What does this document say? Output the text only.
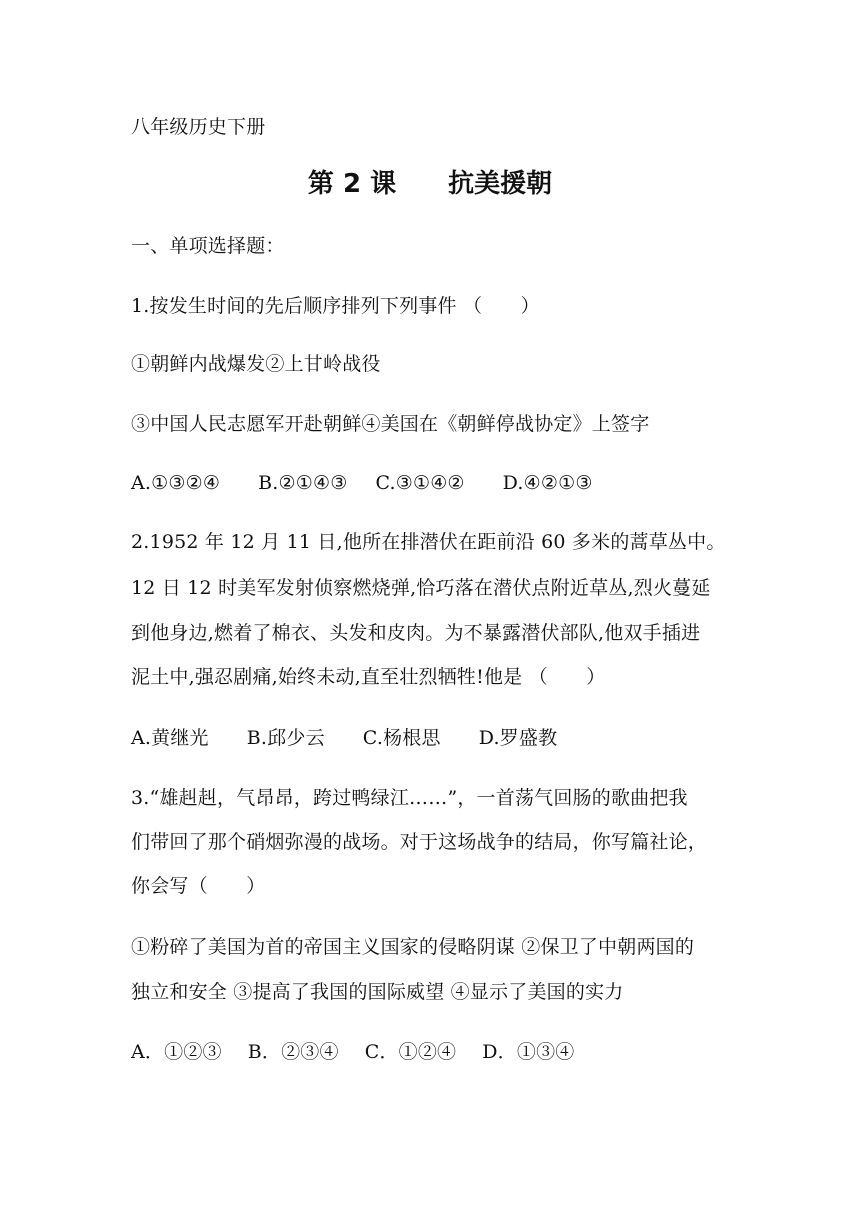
八年级历史下册
第 2 课　　抗美援朝
一、单项选择题：
1.按发生时间的先后顺序排列下列事件 （　　）
①朝鲜内战爆发②上甘岭战役
③中国人民志愿军开赴朝鲜④美国在《朝鲜停战协定》上签字
A.①③②④ B.②①④③ C.③①④② D.④②①③
2.1952 年 12 月 11 日,他所在排潜伏在距前沿 60 多米的蒿草丛中。
12 日 12 时美军发射侦察燃烧弹,恰巧落在潜伏点附近草丛,烈火蔓延
到他身边,燃着了棉衣、头发和皮肉。为不暴露潜伏部队,他双手插进
泥土中,强忍剧痛,始终未动,直至壮烈牺牲!他是 （　　）
A.黄继光 B.邱少云 C.杨根思 D.罗盛教
3.“雄赳赳，气昂昂，跨过鸭绿江……”，一首荡气回肠的歌曲把我
们带回了那个硝烟弥漫的战场。对于这场战争的结局，你写篇社论，
你会写（　　）
①粉碎了美国为首的帝国主义国家的侵略阴谋 ②保卫了中朝两国的
独立和安全 ③提高了我国的国际威望 ④显示了美国的实力
A．①②③ B．②③④ C．①②④ D．①③④
